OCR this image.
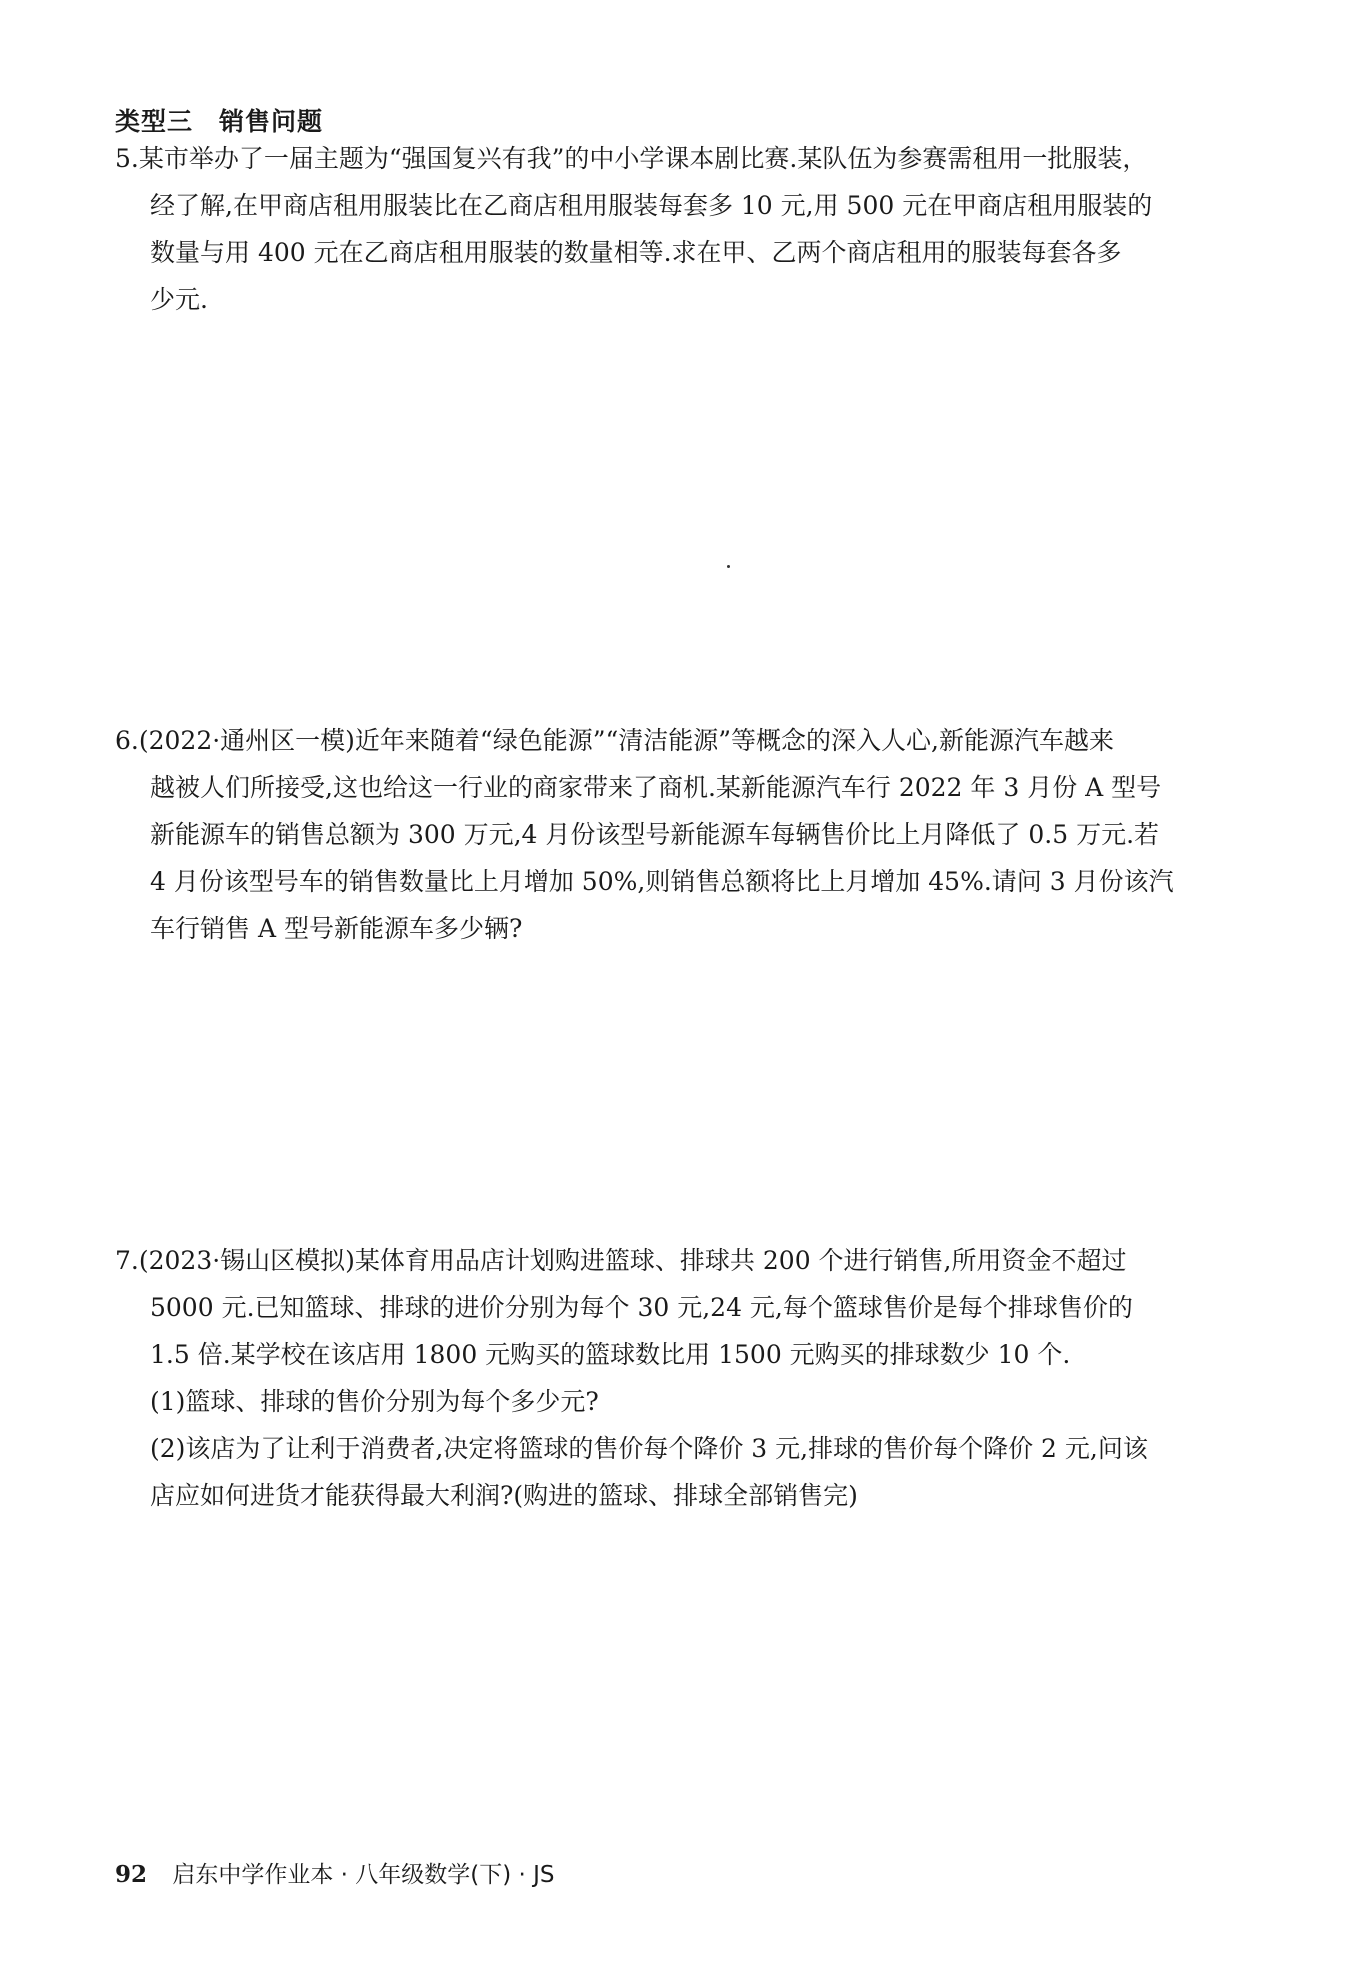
类型三　销售问题
5.某市举办了一届主题为“强国复兴有我”的中小学课本剧比赛.某队伍为参赛需租用一批服装，
经了解,在甲商店租用服装比在乙商店租用服装每套多 10 元,用 500 元在甲商店租用服装的
数量与用 400 元在乙商店租用服装的数量相等.求在甲、乙两个商店租用的服装每套各多
少元.
6.(2022·通州区一模)近年来随着“绿色能源”“清洁能源”等概念的深入人心,新能源汽车越来
越被人们所接受,这也给这一行业的商家带来了商机.某新能源汽车行 2022 年 3 月份 A 型号
新能源车的销售总额为 300 万元,4 月份该型号新能源车每辆售价比上月降低了 0.5 万元.若
4 月份该型号车的销售数量比上月增加 50%,则销售总额将比上月增加 45%.请问 3 月份该汽
车行销售 A 型号新能源车多少辆?
7.(2023·锡山区模拟)某体育用品店计划购进篮球、排球共 200 个进行销售,所用资金不超过
5000 元.已知篮球、排球的进价分别为每个 30 元,24 元,每个篮球售价是每个排球售价的
1.5 倍.某学校在该店用 1800 元购买的篮球数比用 1500 元购买的排球数少 10 个.
(1)篮球、排球的售价分别为每个多少元?
(2)该店为了让利于消费者,决定将篮球的售价每个降价 3 元,排球的售价每个降价 2 元,问该
店应如何进货才能获得最大利润?(购进的篮球、排球全部销售完)
92 启东中学作业本 · 八年级数学(下) · JS
